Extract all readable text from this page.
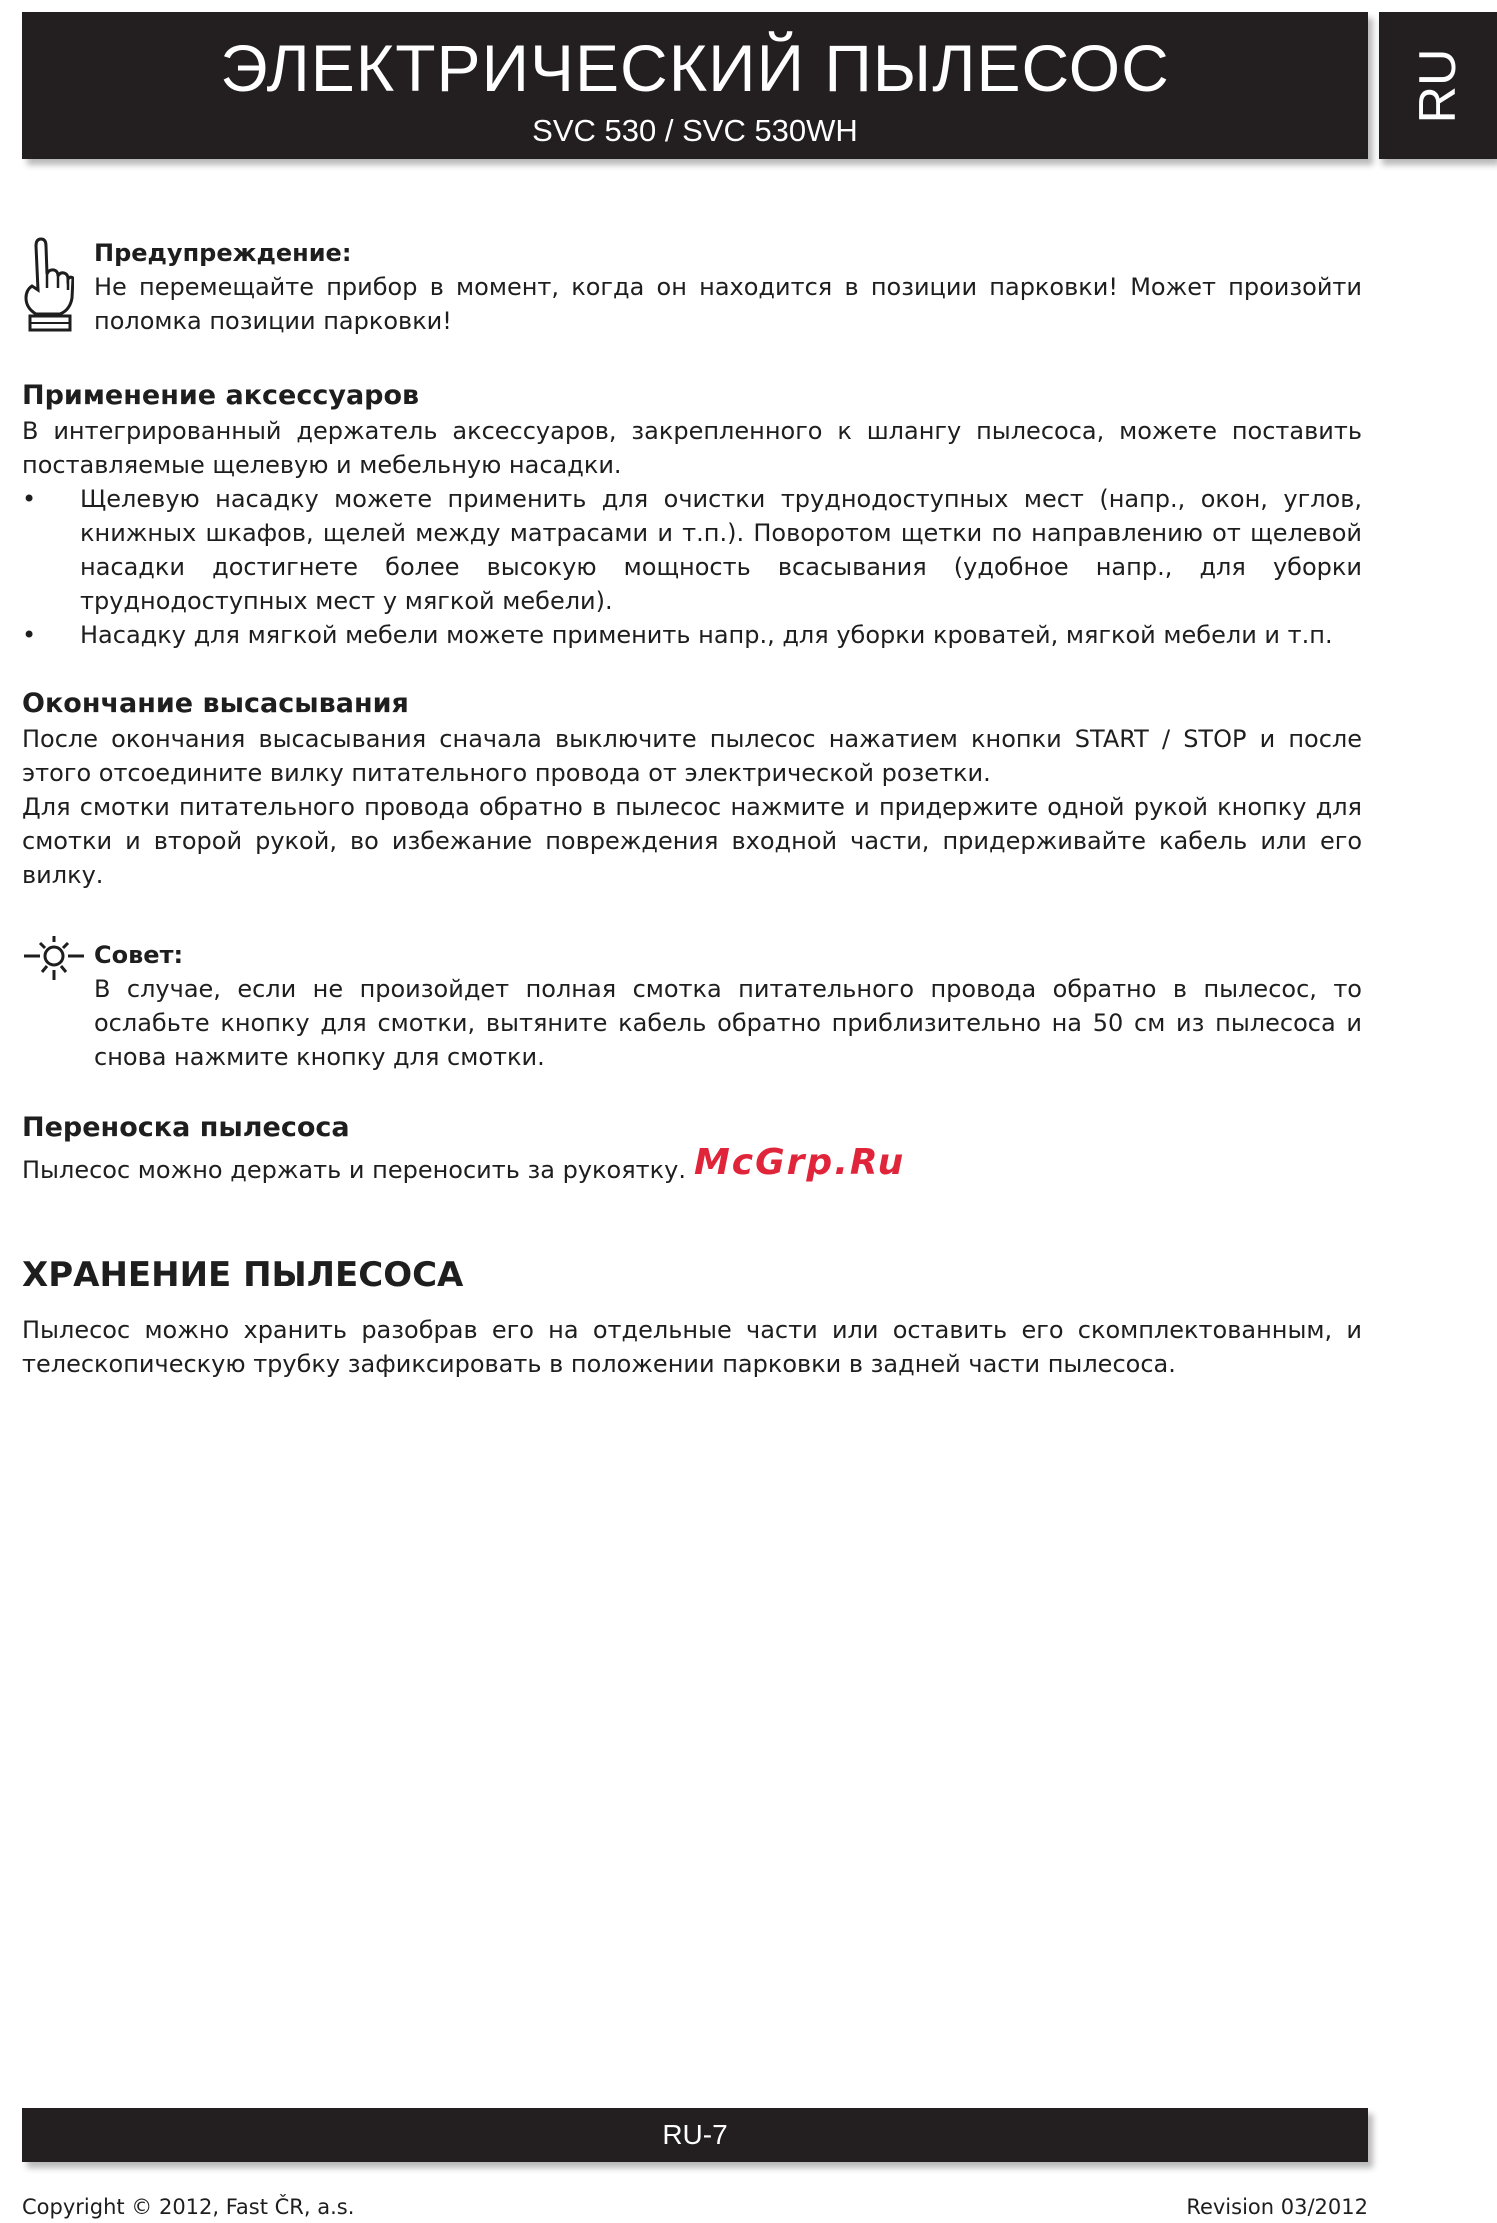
ЭЛЕКТРИЧЕСКИЙ ПЫЛЕСОС
SVC 530 / SVC 530WH
RU
Предупреждение:

Не перемещайте прибор в момент, когда он находится в позиции парковки! Может произойти поломка позиции парковки!

Применение аксессуаров

В интегрированный держатель аксессуаров, закрепленного к шлангу пылесоса, можете поставить поставляемые щелевую и мебельную насадки.

• Щелевую насадку можете применить для очистки труднодоступных мест (напр., окон, углов, книжных шкафов, щелей между матрасами и т.п.). Поворотом щетки по направлению от щелевой насадки достигнете более высокую мощность всасывания (удобное напр., для уборки труднодоступных мест у мягкой мебели).
• Насадку для мягкой мебели можете применить напр., для уборки кроватей, мягкой мебели и т.п.
Окончание высасывания

После окончания высасывания сначала выключите пылесос нажатием кнопки START / STOP и после этого отсоедините вилку питательного провода от электрической розетки.

Для смотки питательного провода обратно в пылесос нажмите и придержите одной рукой кнопку для смотки и второй рукой, во избежание повреждения входной части, придерживайте кабель или его вилку.

Совет:

В случае, если не произойдет полная смотка питательного провода обратно в пылесос, то ослабьте кнопку для смотки, вытяните кабель обратно приблизительно на 50 см из пылесоса и снова нажмите кнопку для смотки.

Переноска пылесоса

Пылесос можно держать и переносить за рукоятку. McGrp.Ru

ХРАНЕНИЕ ПЫЛЕСОСА

Пылесос можно хранить разобрав его на отдельные части или оставить его скомплектованным, и телескопическую трубку зафиксировать в положении парковки в задней части пылесоса.

RU-7
Copyright © 2012, Fast ČR, a.s.	Revision 03/2012
